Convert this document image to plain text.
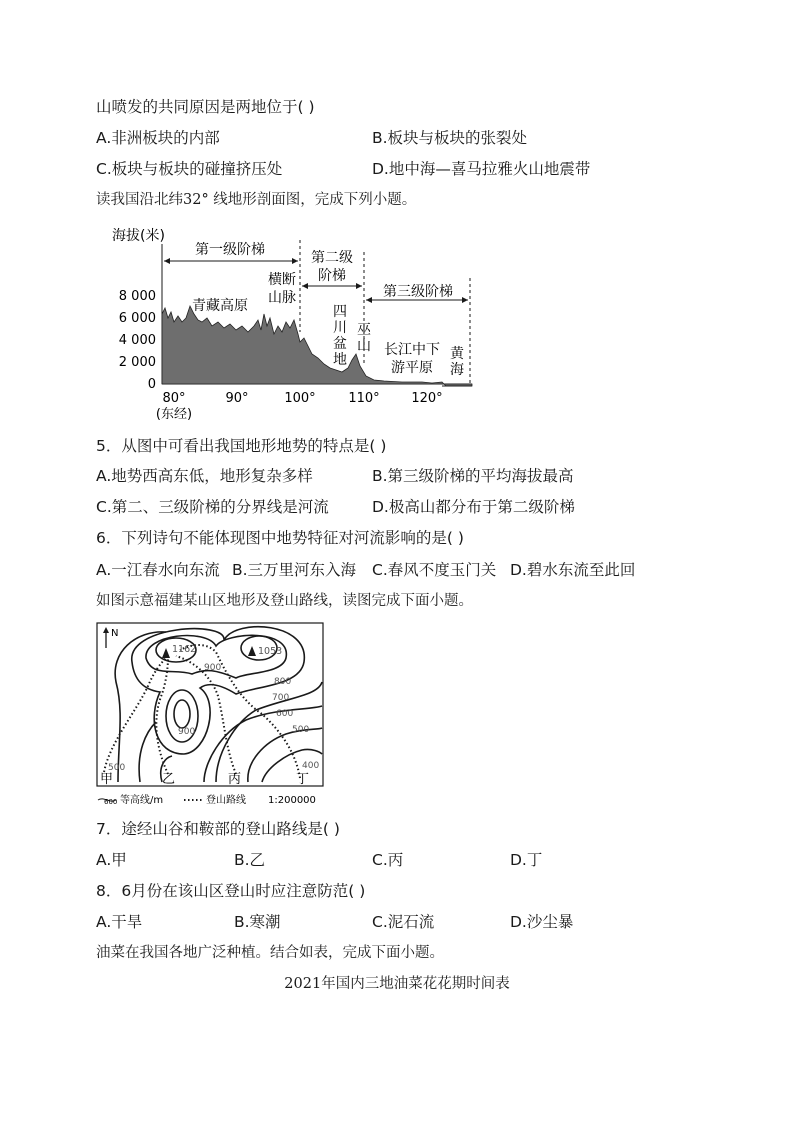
山喷发的共同原因是两地位于( )
A.非洲板块的内部	B.板块与板块的张裂处
C.板块与板块的碰撞挤压处	D.地中海—喜马拉雅火山地震带
读我国沿北纬32° 线地形剖面图，完成下列小题。
海拔(米)
8 000
6 000
4 000
2 000
0
80°	90°	100°	110° 120°
(东经)
第一级阶梯	第二级
阶梯
第三级阶梯
青藏高原
横断
山脉
四
川
盆
地
巫
山 长江中下
游平原
黄
海
5．从图中可看出我国地形地势的特点是( )
A.地势西高东低，地形复杂多样	B.第三级阶梯的平均海拔最高
C.第二、三级阶梯的分界线是河流	D.极高山都分布于第二级阶梯
6．下列诗句不能体现图中地势特征对河流影响的是( )
A.一江春水向东流 B.三万里河东入海 C.春风不度玉门关 D.碧水东流至此回
如图示意福建某山区地形及登山路线，读图完成下面小题。
N
1162	1053
900
800
700
600
500
900
500	400
甲	乙	丙	丁
600 等高线/m	登山路线 1:200000
7．途经山谷和鞍部的登山路线是( )
A.甲	B.乙	C.丙	D.丁
8．6月份在该山区登山时应注意防范( )
A.干旱	B.寒潮	C.泥石流	D.沙尘暴
油菜在我国各地广泛种植。结合如表，完成下面小题。
2021年国内三地油菜花花期时间表
